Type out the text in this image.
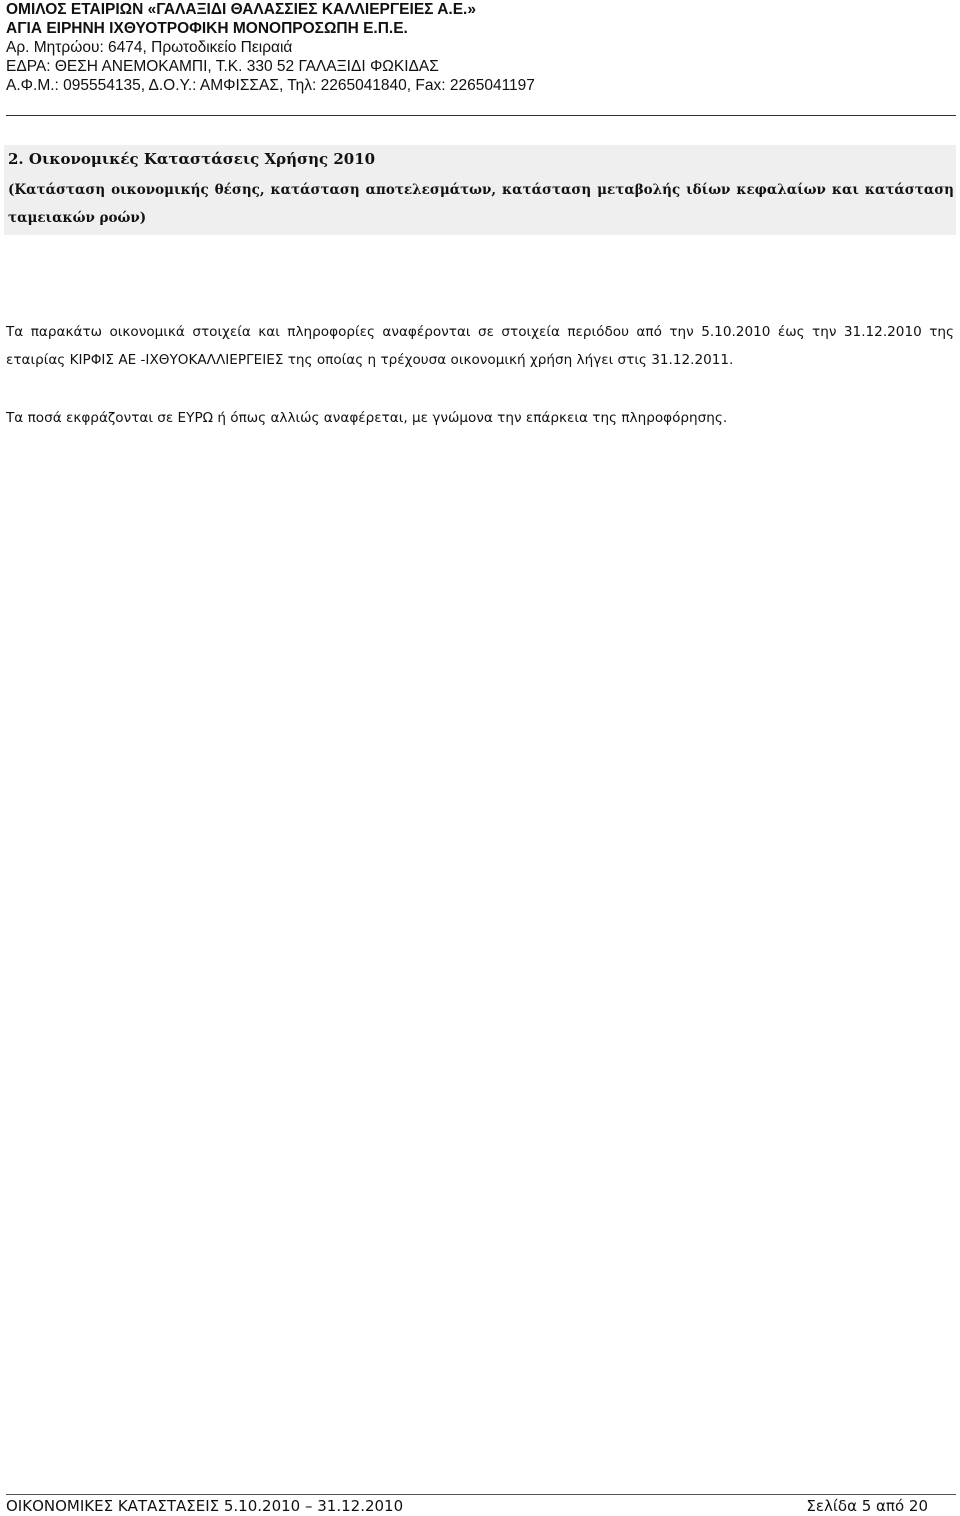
ΟΜΙΛΟΣ ΕΤΑΙΡΙΩΝ «ΓΑΛΑΞΙΔΙ ΘΑΛΑΣΣΙΕΣ ΚΑΛΛΙΕΡΓΕΙΕΣ Α.Ε.»
ΑΓΙΑ ΕΙΡΗΝΗ ΙΧΘΥΟΤΡΟΦΙΚΗ ΜΟΝΟΠΡΟΣΩΠΗ Ε.Π.Ε.
Αρ. Μητρώου: 6474, Πρωτοδικείο Πειραιά
ΕΔΡΑ: ΘΕΣΗ ΑΝΕΜΟΚΑΜΠΙ, Τ.Κ. 330 52 ΓΑΛΑΞΙΔΙ ΦΩΚΙΔΑΣ
Α.Φ.Μ.: 095554135, Δ.Ο.Υ.: ΑΜΦΙΣΣΑΣ, Τηλ: 2265041840, Fax: 2265041197
2. Οικονομικές Καταστάσεις Χρήσης 2010
(Κατάσταση οικονομικής θέσης, κατάσταση αποτελεσμάτων, κατάσταση μεταβολής ιδίων κεφαλαίων και κατάσταση ταμειακών ροών)
Τα παρακάτω οικονομικά στοιχεία και πληροφορίες αναφέρονται σε στοιχεία περιόδου από την 5.10.2010 έως την 31.12.2010 της εταιρίας ΚΙΡΦΙΣ ΑΕ -ΙΧΘΥΟΚΑΛΛΙΕΡΓΕΙΕΣ της οποίας η τρέχουσα οικονομική χρήση λήγει στις 31.12.2011.
Τα ποσά εκφράζονται σε ΕΥΡΩ ή όπως αλλιώς αναφέρεται, με γνώμονα την επάρκεια της πληροφόρησης.
ΟΙΚΟΝΟΜΙΚΕΣ ΚΑΤΑΣΤΑΣΕΙΣ 5.10.2010 – 31.12.2010	Σελίδα 5 από 20
